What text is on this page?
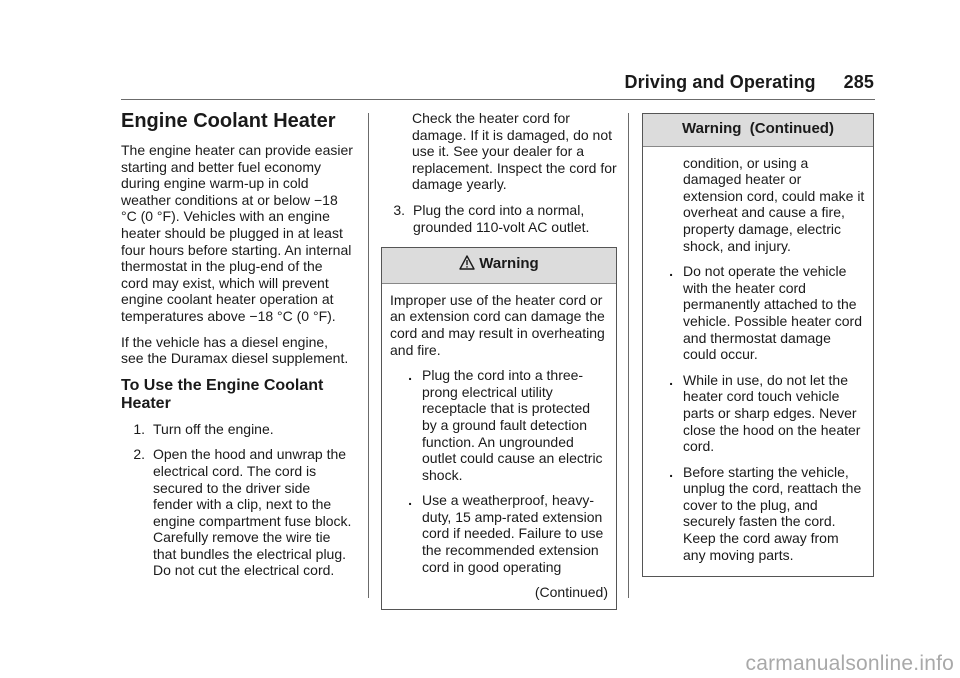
Driving and Operating 285
Engine Coolant Heater

The engine heater can provide easier starting and better fuel economy during engine warm-up in cold weather conditions at or below −18 °C (0 °F). Vehicles with an engine heater should be plugged in at least four hours before starting. An internal thermostat in the plug-end of the cord may exist, which will prevent engine coolant heater operation at temperatures above −18 °C (0 °F).

If the vehicle has a diesel engine, see the Duramax diesel supplement.

To Use the Engine Coolant Heater
1. Turn off the engine.
2. Open the hood and unwrap the electrical cord. The cord is secured to the driver side fender with a clip, next to the engine compartment fuse block. Carefully remove the wire tie that bundles the electrical plug. Do not cut the electrical cord.

Check the heater cord for damage. If it is damaged, do not use it. See your dealer for a replacement. Inspect the cord for damage yearly.

3. Plug the cord into a normal, grounded 110-volt AC outlet.
Warning

Improper use of the heater cord or an extension cord can damage the cord and may result in overheating and fire.

. Plug the cord into a three-prong electrical utility receptacle that is protected by a ground fault detection function. An ungrounded outlet could cause an electric shock.
. Use a weatherproof, heavy-duty, 15 amp-rated extension cord if needed. Failure to use the recommended extension cord in good operating
(Continued)
Warning  (Continued)

condition, or using a damaged heater or extension cord, could make it overheat and cause a fire, property damage, electric shock, and injury.

. Do not operate the vehicle with the heater cord permanently attached to the vehicle. Possible heater cord and thermostat damage could occur.
. While in use, do not let the heater cord touch vehicle parts or sharp edges. Never close the hood on the heater cord.
. Before starting the vehicle, unplug the cord, reattach the cover to the plug, and securely fasten the cord. Keep the cord away from any moving parts.
carmanualsonline.info
